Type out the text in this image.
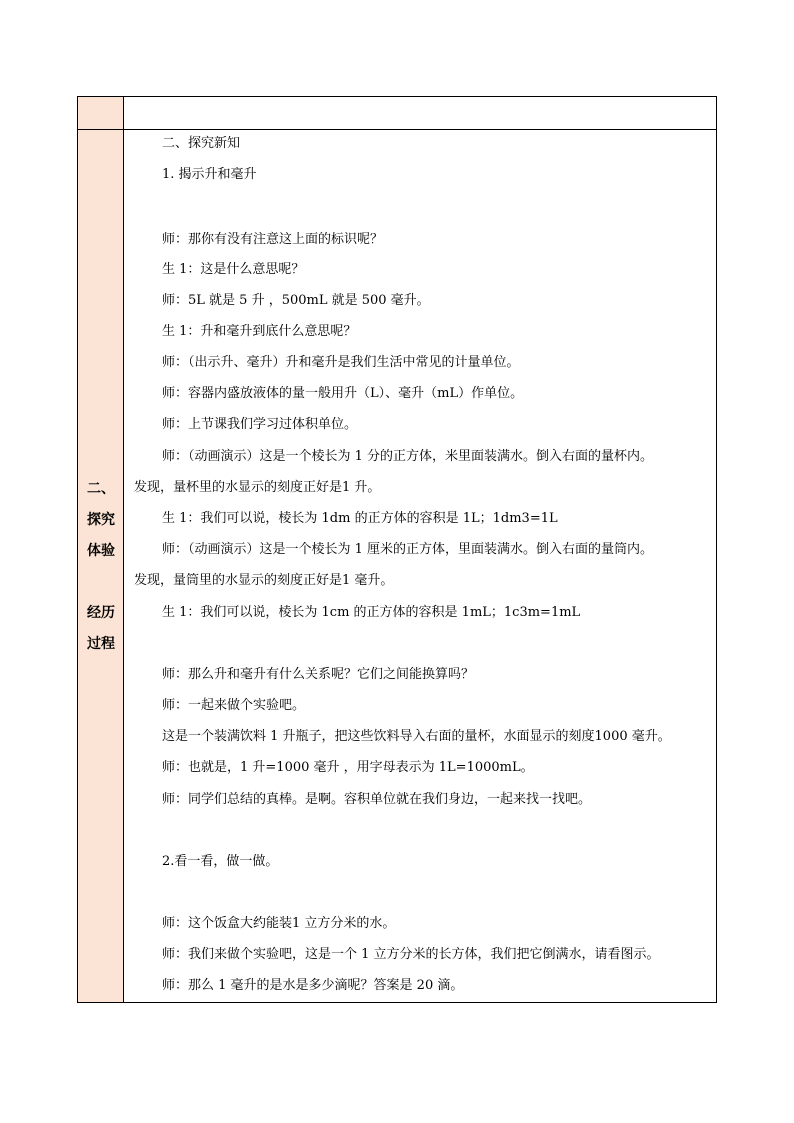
二、
探究
体验
经历
过程
二、探究新知
1. 揭示升和毫升
师：那你有没有注意这上面的标识呢？
生 1：这是什么意思呢？
师：5L 就是 5 升 ，500mL 就是 500 毫升。
生 1：升和毫升到底什么意思呢？
师：（出示升、毫升）升和毫升是我们生活中常见的计量单位。
师：容器内盛放液体的量一般用升（L）、毫升（mL）作单位。
师：上节课我们学习过体积单位。
师：（动画演示）这是一个棱长为 1 分的正方体，米里面装满水。倒入右面的量杯内。
发现，量杯里的水显示的刻度正好是1 升。
生 1：我们可以说，棱长为 1dm 的正方体的容积是 1L；1dm3=1L
师：（动画演示）这是一个棱长为 1 厘米的正方体，里面装满水。倒入右面的量筒内。
发现，量筒里的水显示的刻度正好是1 毫升。
生 1：我们可以说，棱长为 1cm 的正方体的容积是 1mL；1c3m=1mL
师：那么升和毫升有什么关系呢？它们之间能换算吗？
师：一起来做个实验吧。
这是一个装满饮料 1 升瓶子，把这些饮料导入右面的量杯，水面显示的刻度1000 毫升。
师：也就是，1 升=1000 毫升 ，用字母表示为 1L=1000mL。
师：同学们总结的真棒。是啊。容积单位就在我们身边，一起来找一找吧。
2.看一看，做一做。
师：这个饭盒大约能装1 立方分米的水。
师：我们来做个实验吧，这是一个 1 立方分米的长方体，我们把它倒满水，请看图示。
师：那么 1 毫升的是水是多少滴呢？答案是 20 滴。
